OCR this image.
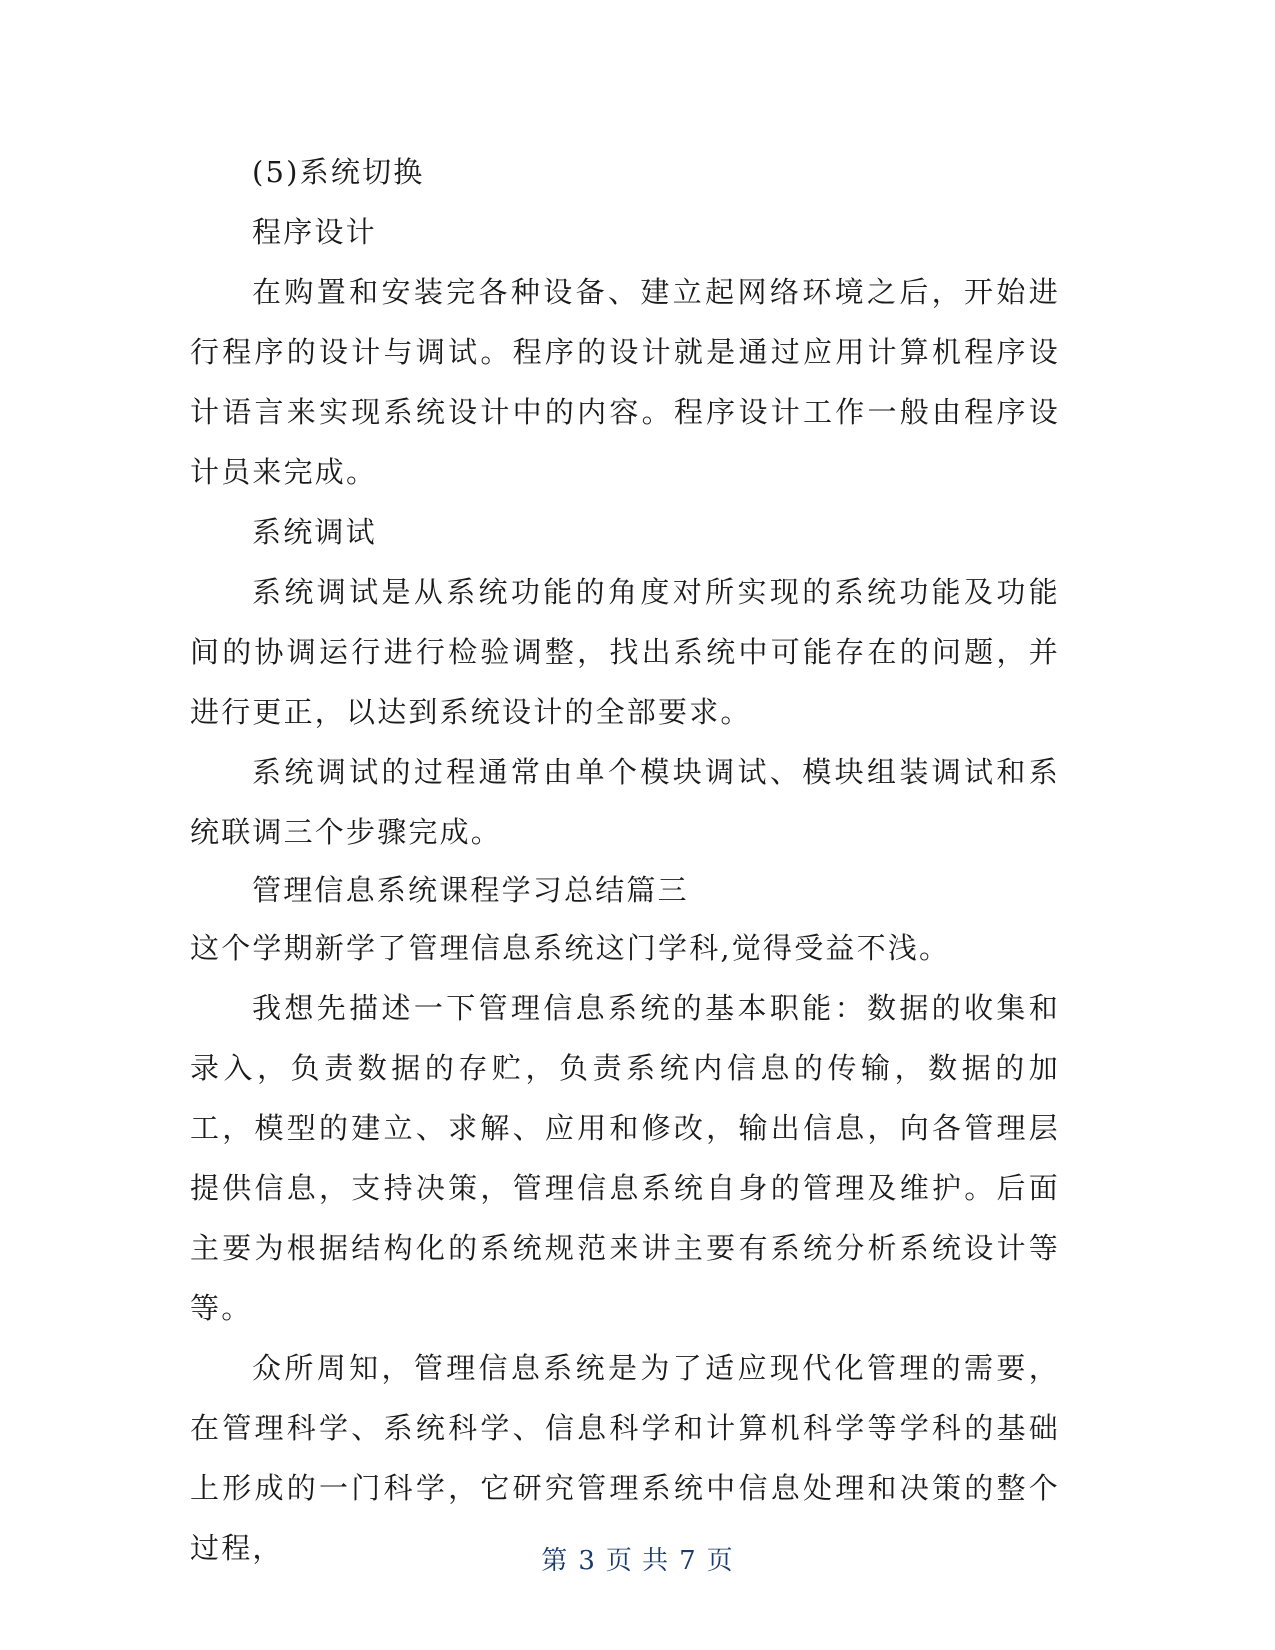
(5)系统切换

程序设计

在购置和安装完各种设备、建立起网络环境之后，开始进行程序的设计与调试。程序的设计就是通过应用计算机程序设计语言来实现系统设计中的内容。程序设计工作一般由程序设计员来完成。

系统调试

系统调试是从系统功能的角度对所实现的系统功能及功能间的协调运行进行检验调整，找出系统中可能存在的问题，并进行更正，以达到系统设计的全部要求。

系统调试的过程通常由单个模块调试、模块组装调试和系统联调三个步骤完成。

管理信息系统课程学习总结篇三

这个学期新学了管理信息系统这门学科,觉得受益不浅。

我想先描述一下管理信息系统的基本职能：数据的收集和录入，负责数据的存贮，负责系统内信息的传输，数据的加工，模型的建立、求解、应用和修改，输出信息，向各管理层提供信息，支持决策，管理信息系统自身的管理及维护。后面主要为根据结构化的系统规范来讲主要有系统分析系统设计等等。

众所周知，管理信息系统是为了适应现代化管理的需要，在管理科学、系统科学、信息科学和计算机科学等学科的基础上形成的一门科学，它研究管理系统中信息处理和决策的整个过程，	第 3 页 共 7 页
